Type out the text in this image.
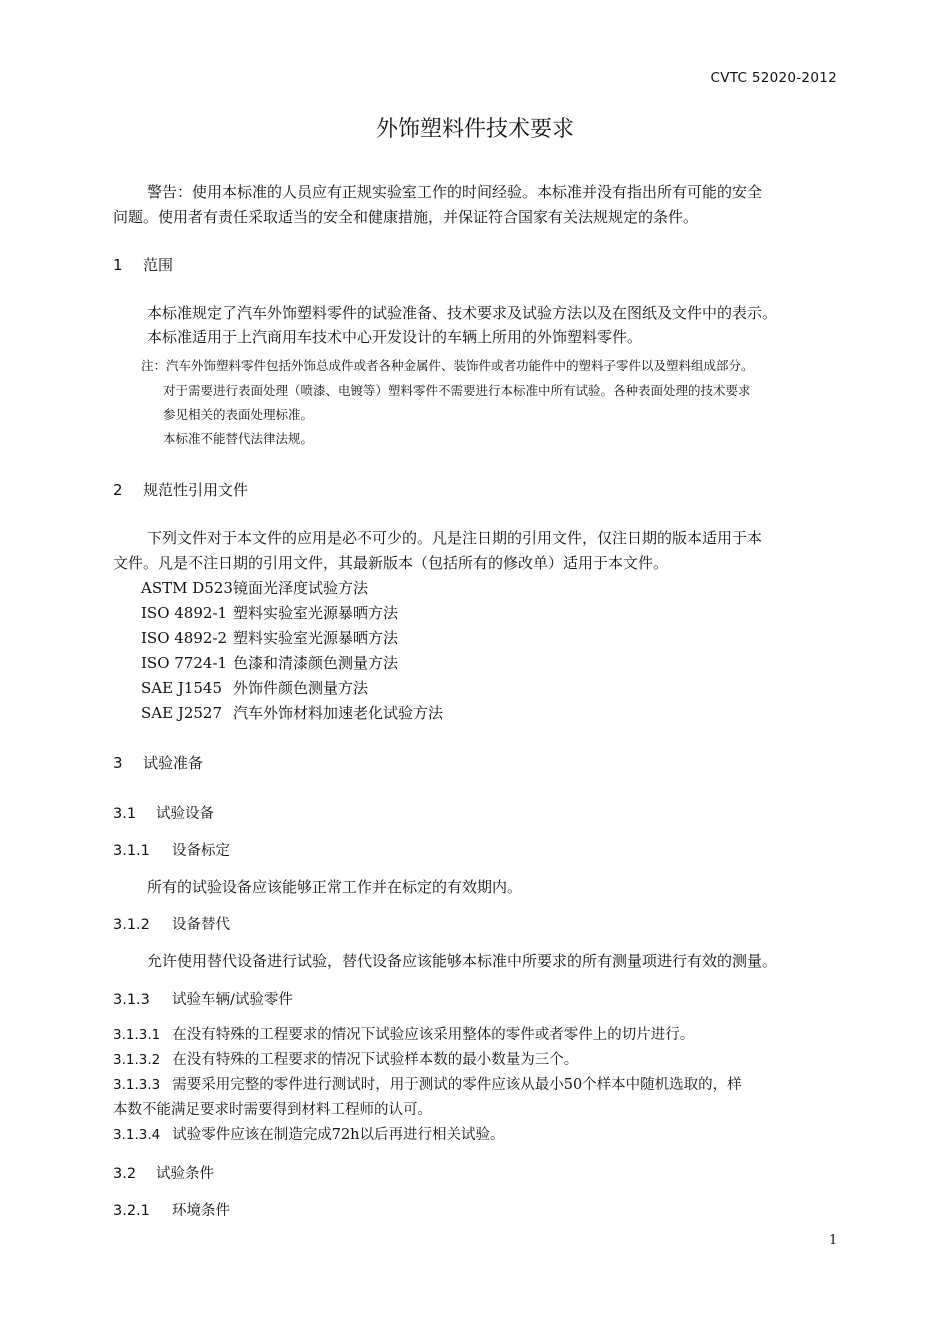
CVTC 52020-2012
外饰塑料件技术要求
警告：使用本标准的人员应有正规实验室工作的时间经验。本标准并没有指出所有可能的安全
问题。使用者有责任采取适当的安全和健康措施，并保证符合国家有关法规规定的条件。
1 范围
本标准规定了汽车外饰塑料零件的试验准备、技术要求及试验方法以及在图纸及文件中的表示。
本标准适用于上汽商用车技术中心开发设计的车辆上所用的外饰塑料零件。
注：汽车外饰塑料零件包括外饰总成件或者各种金属件、装饰件或者功能件中的塑料子零件以及塑料组成部分。
对于需要进行表面处理（喷漆、电镀等）塑料零件不需要进行本标准中所有试验。各种表面处理的技术要求
参见相关的表面处理标准。
本标准不能替代法律法规。
2 规范性引用文件
下列文件对于本文件的应用是必不可少的。凡是注日期的引用文件，仅注日期的版本适用于本
文件。凡是不注日期的引用文件，其最新版本（包括所有的修改单）适用于本文件。
ASTM D523镜面光泽度试验方法
ISO 4892-1 塑料实验室光源暴晒方法
ISO 4892-2 塑料实验室光源暴晒方法
ISO 7724-1 色漆和清漆颜色测量方法
SAE J1545 外饰件颜色测量方法
SAE J2527 汽车外饰材料加速老化试验方法
3 试验准备
3.1 试验设备
3.1.1 设备标定
所有的试验设备应该能够正常工作并在标定的有效期内。
3.1.2 设备替代
允许使用替代设备进行试验，替代设备应该能够本标准中所要求的所有测量项进行有效的测量。
3.1.3 试验车辆/试验零件
3.1.3.1 在没有特殊的工程要求的情况下试验应该采用整体的零件或者零件上的切片进行。
3.1.3.2 在没有特殊的工程要求的情况下试验样本数的最小数量为三个。
3.1.3.3 需要采用完整的零件进行测试时，用于测试的零件应该从最小50个样本中随机选取的，样
本数不能满足要求时需要得到材料工程师的认可。
3.1.3.4 试验零件应该在制造完成72h以后再进行相关试验。
3.2 试验条件
3.2.1 环境条件
1
